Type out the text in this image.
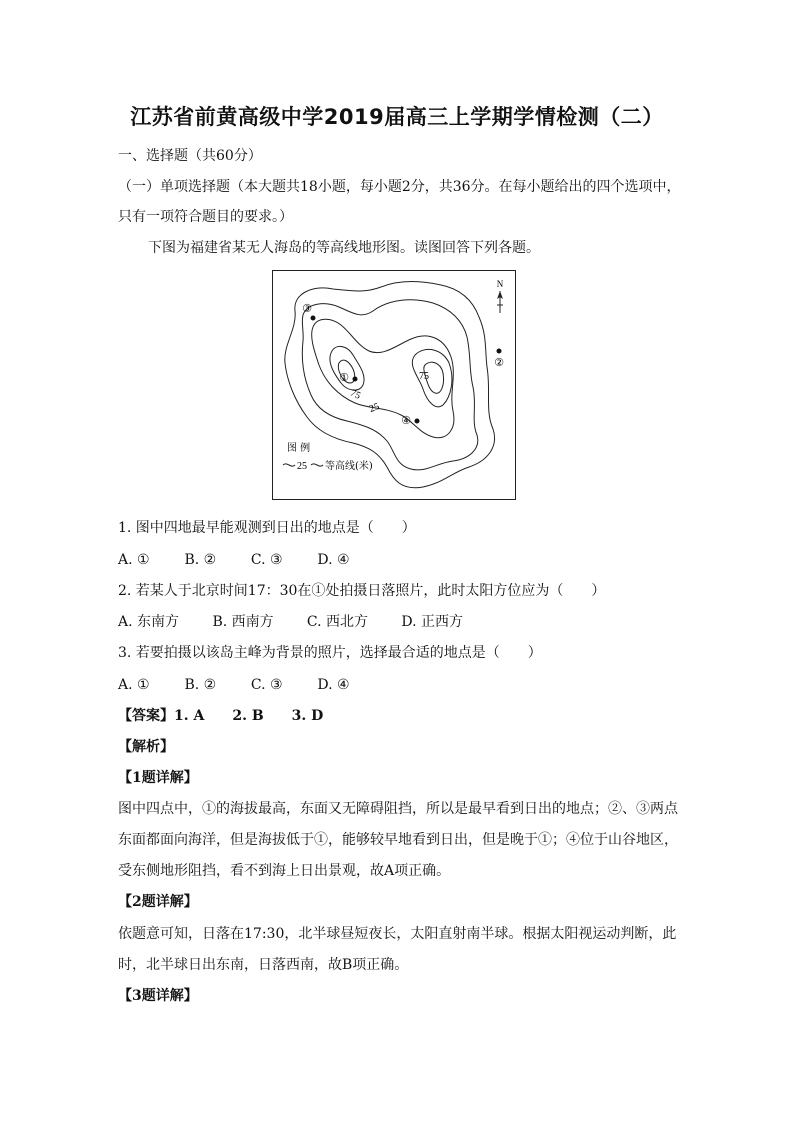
江苏省前黄高级中学2019届高三上学期学情检测（二）
一、选择题（共60分）
（一）单项选择题（本大题共18小题，每小题2分，共36分。在每小题给出的四个选项中，
只有一项符合题目的要求。）
下图为福建省某无人海岛的等高线地形图。读图回答下列各题。
75
75
25
N
①
②
③
④
图 例
25 等高线(米)
1. 图中四地最早能观测到日出的地点是（　　）
A. ① B. ② C. ③ D. ④
2. 若某人于北京时间17：30在①处拍摄日落照片，此时太阳方位应为（　　）
A. 东南方 B. 西南方 C. 西北方 D. 正西方
3. 若要拍摄以该岛主峰为背景的照片，选择最合适的地点是（　　）
A. ① B. ② C. ③ D. ④
【答案】1. A　　2. B　　3. D
【解析】
【1题详解】
图中四点中，①的海拔最高，东面又无障碍阻挡，所以是最早看到日出的地点；②、③两点
东面都面向海洋，但是海拔低于①，能够较早地看到日出，但是晚于①；④位于山谷地区，
受东侧地形阻挡，看不到海上日出景观，故A项正确。
【2题详解】
依题意可知，日落在17:30，北半球昼短夜长，太阳直射南半球。根据太阳视运动判断，此
时，北半球日出东南，日落西南，故B项正确。
【3题详解】
